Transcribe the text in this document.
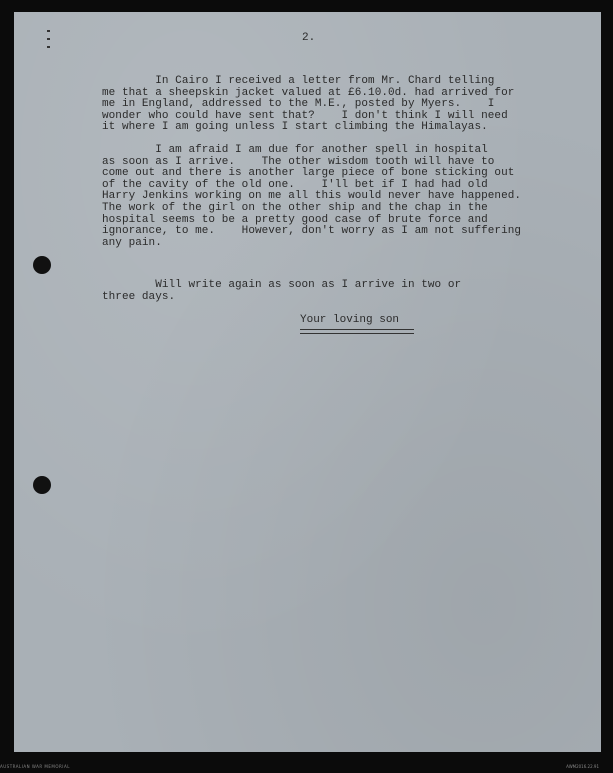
2.
In Cairo I received a letter from Mr. Chard telling
me that a sheepskin jacket valued at £6.10.0d. had arrived for
me in England, addressed to the M.E., posted by Myers.    I
wonder who could have sent that?    I don't think I will need
it where I am going unless I start climbing the Himalayas.
I am afraid I am due for another spell in hospital
as soon as I arrive.    The other wisdom tooth will have to
come out and there is another large piece of bone sticking out
of the cavity of the old one.    I'll bet if I had had old
Harry Jenkins working on me all this would never have happened.
The work of the girl on the other ship and the chap in the
hospital seems to be a pretty good case of brute force and
ignorance, to me.    However, don't worry as I am not suffering
any pain.
Will write again as soon as I arrive in two or
three days.
Your loving son
AUSTRALIAN WAR MEMORIAL	AWM2016.22.91
